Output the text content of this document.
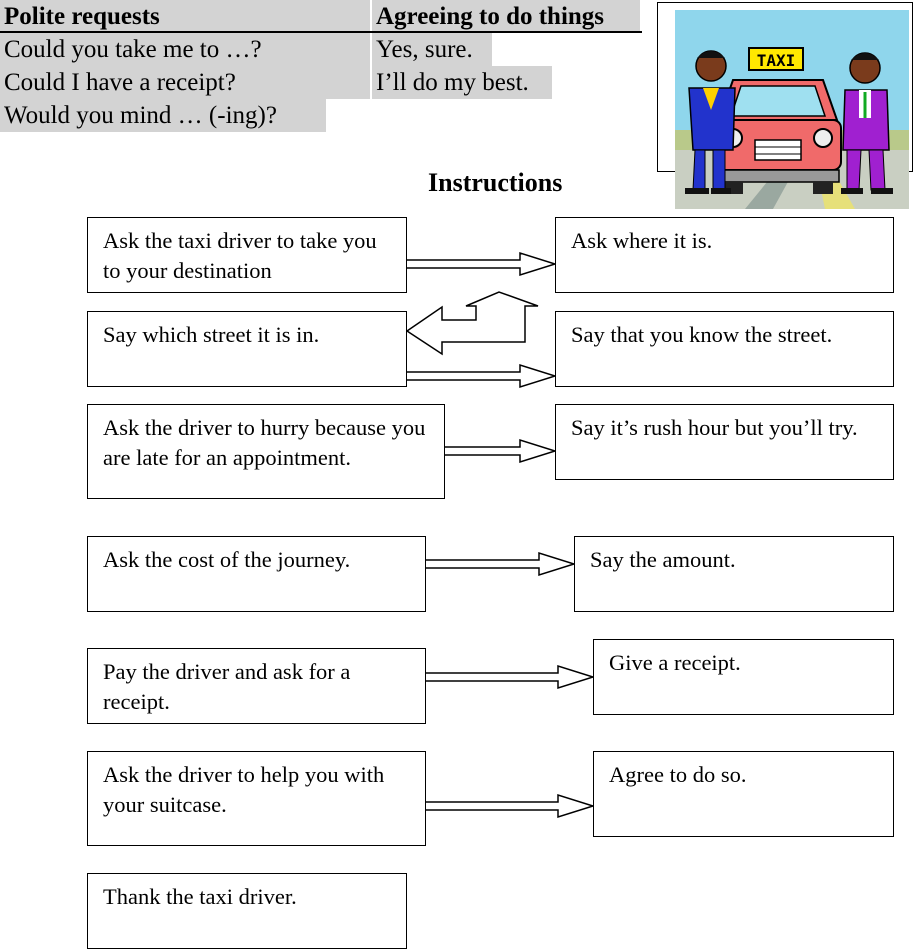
Polite requests	Agreeing to do things
Could you take me to …?	Yes, sure.
Could I have a receipt?	I’ll do my best.
Would you mind … (-ing)?
TAXI
Instructions
Ask the taxi driver to take you to your destination
Ask where it is.
Say which street it is in.	Say that you know the street.
Ask the driver to hurry because you are late for an appointment.
Say it’s rush hour but you’ll try.
Ask the cost of the journey.	Say the amount.
Pay the driver and ask for a receipt.
Give a receipt.
Ask the driver to help you with your suitcase.
Agree to do so.
Thank the taxi driver.
